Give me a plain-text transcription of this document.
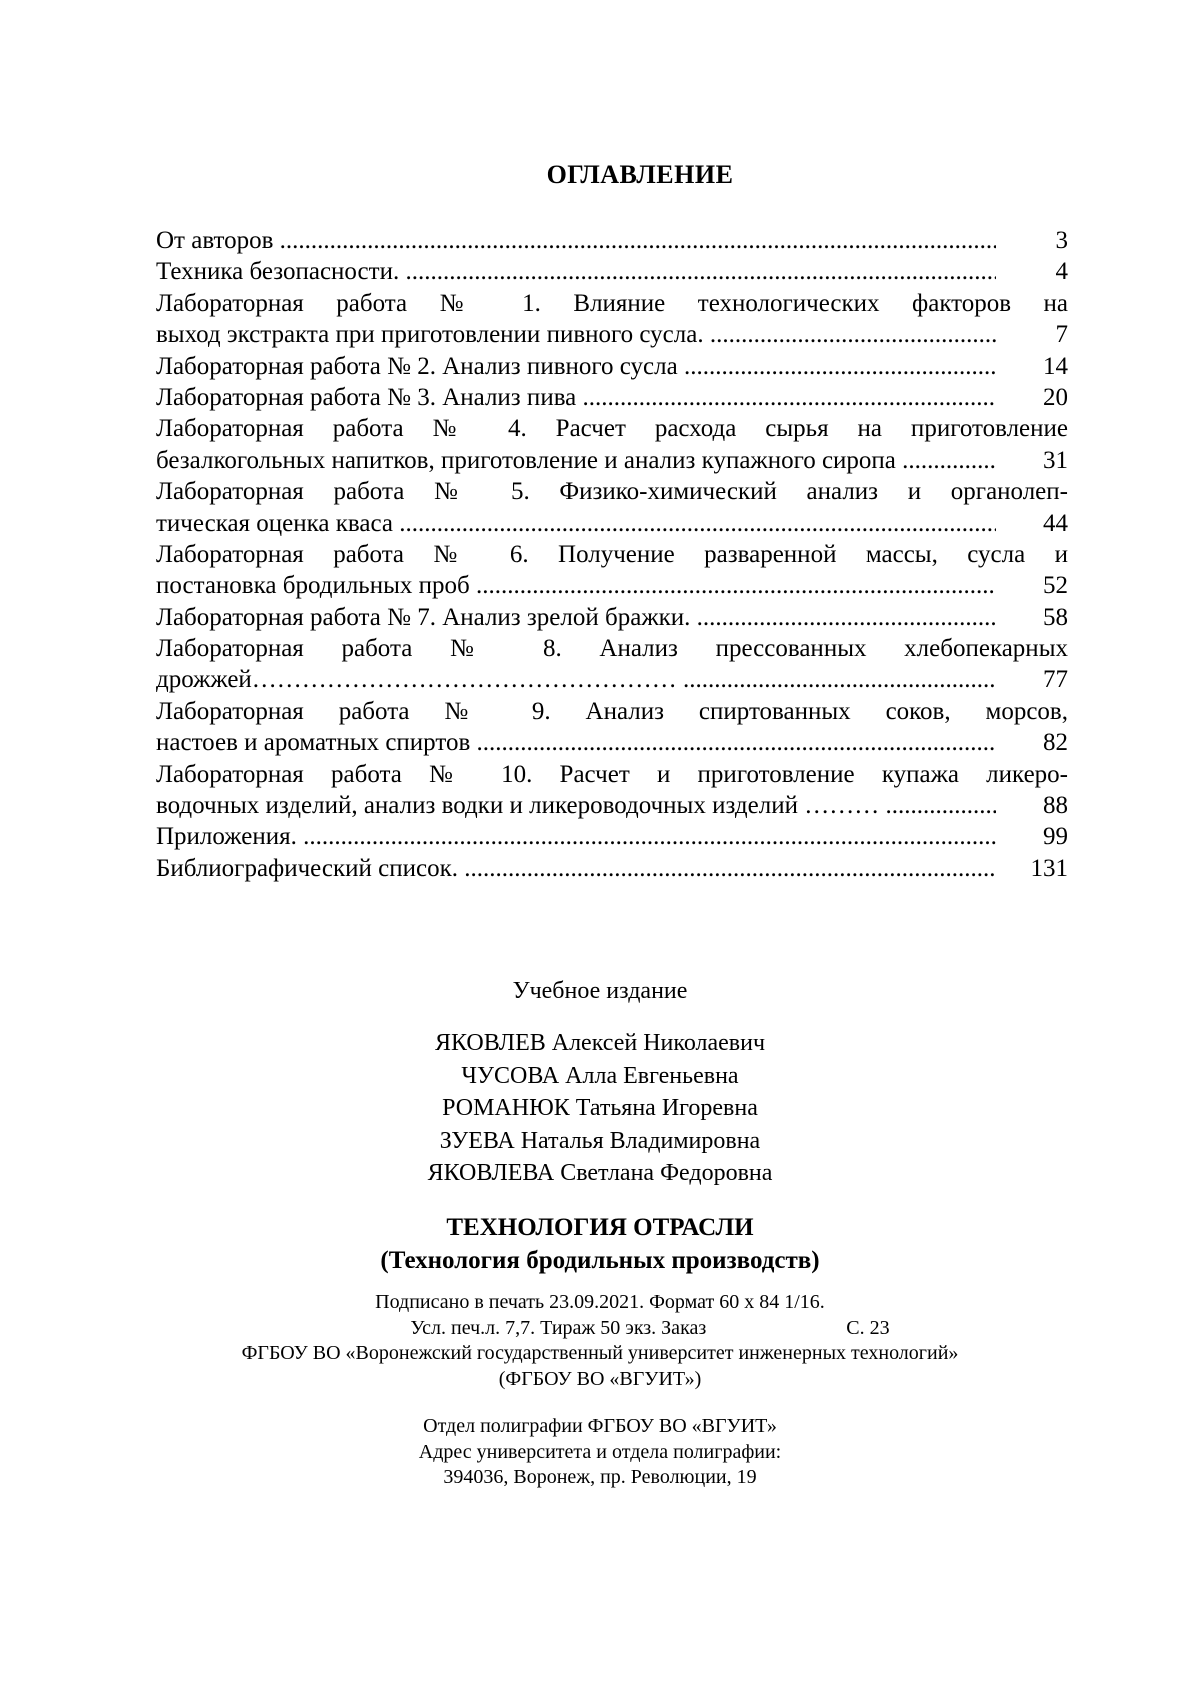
ОГЛАВЛЕНИЕ
От авторов .....	3
Техника безопасности. .....	4
Лабораторная работа № 1. Влияние технологических факторов на
выход экстракта при приготовлении пивного сусла. .....	7
Лабораторная работа № 2. Анализ пивного сусла .....	14
Лабораторная работа № 3. Анализ пива .....	20
Лабораторная работа № 4. Расчет расхода сырья на приготовление
безалкогольных напитков, приготовление и анализ купажного сиропа .....	31
Лабораторная работа № 5. Физико-химический анализ и органолеп-
тическая оценка кваса .....	44
Лабораторная работа № 6. Получение разваренной массы, сусла и
постановка бродильных проб .....	52
Лабораторная работа № 7. Анализ зрелой бражки. .....	58
Лабораторная работа № 8. Анализ прессованных хлебопекарных
дрожжей…………………………………………… .....	77
Лабораторная работа № 9. Анализ спиртованных соков, морсов,
настоев и ароматных спиртов .....	82
Лабораторная работа № 10. Расчет и приготовление купажа ликеро-
водочных изделий, анализ водки и ликероводочных изделий ……… .....	88
Приложения. .....	99
Библиографический список. .....	131
Учебное издание
ЯКОВЛЕВ Алексей Николаевич
ЧУСОВА Алла Евгеньевна
РОМАНЮК Татьяна Игоревна
ЗУЕВА Наталья Владимировна
ЯКОВЛЕВА Светлана Федоровна
ТЕХНОЛОГИЯ ОТРАСЛИ
(Технология бродильных производств)
Подписано в печать 23.09.2021. Формат 60 х 84 1/16.
Усл. печ.л. 7,7. Тираж 50 экз. Заказ	С. 23
ФГБОУ ВО «Воронежский государственный университет инженерных технологий»
(ФГБОУ ВО «ВГУИТ»)
Отдел полиграфии ФГБОУ ВО «ВГУИТ»
Адрес университета и отдела полиграфии:
394036, Воронеж, пр. Революции, 19
